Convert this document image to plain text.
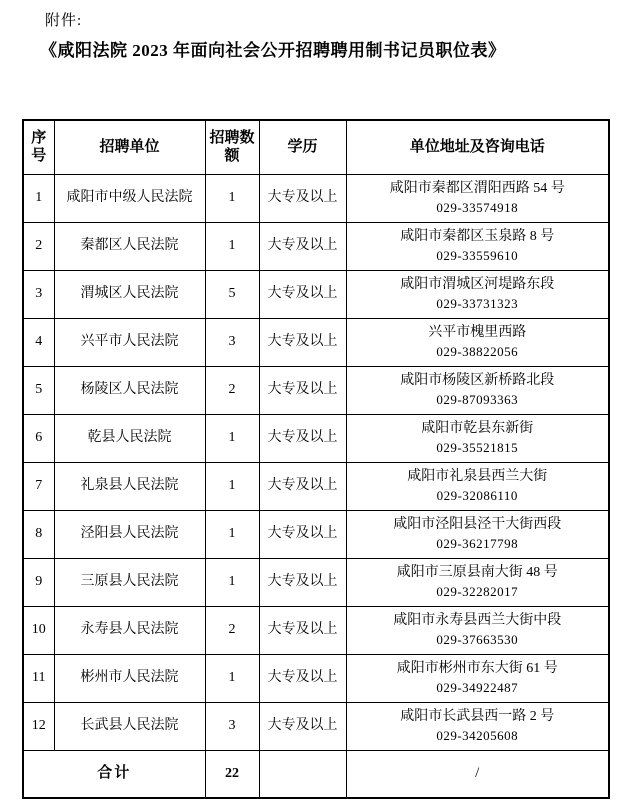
附件:
《咸阳法院 2023 年面向社会公开招聘聘用制书记员职位表》
序号	招聘单位	招聘数额	学历	单位地址及咨询电话
1	咸阳市中级人民法院	1	大专及以上	咸阳市秦都区渭阳西路 54 号
029-33574918

2	秦都区人民法院	1	大专及以上	咸阳市秦都区玉泉路 8 号
029-33559610

3	渭城区人民法院	5	大专及以上	咸阳市渭城区河堤路东段
029-33731323

4	兴平市人民法院	3	大专及以上	兴平市槐里西路
029-38822056

5	杨陵区人民法院	2	大专及以上	咸阳市杨陵区新桥路北段
029-87093363

6	乾县人民法院	1	大专及以上	咸阳市乾县东新街
029-35521815

7	礼泉县人民法院	1	大专及以上	咸阳市礼泉县西兰大街
029-32086110

8	泾阳县人民法院	1	大专及以上	咸阳市泾阳县泾干大街西段
029-36217798

9	三原县人民法院	1	大专及以上	咸阳市三原县南大街 48 号
029-32282017

10	永寿县人民法院	2	大专及以上	咸阳市永寿县西兰大街中段
029-37663530

11	彬州市人民法院	1	大专及以上	咸阳市彬州市东大街 61 号
029-34922487

12	长武县人民法院	3	大专及以上	咸阳市长武县西一路 2 号
029-34205608

合计		22		/
